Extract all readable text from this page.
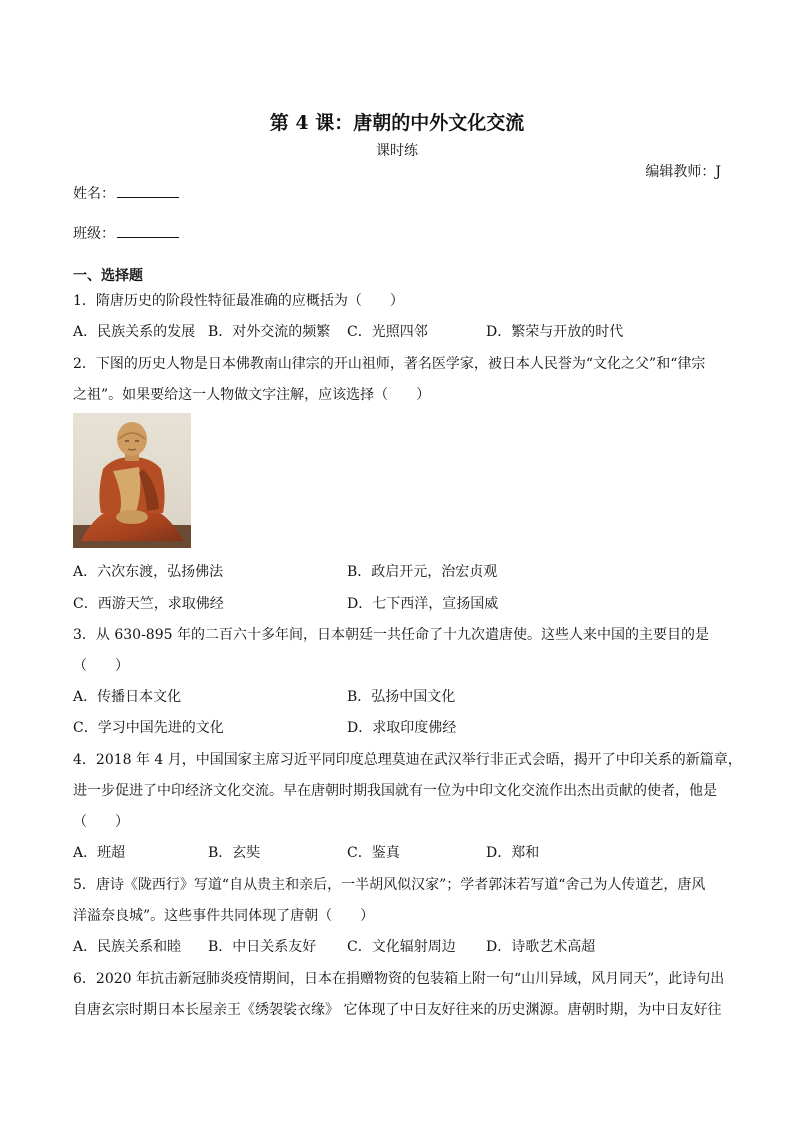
第 4 课：唐朝的中外文化交流
课时练
编辑教师：J
姓名：
班级：
一、选择题
1．隋唐历史的阶段性特征最准确的应概括为（　　）
A．民族关系的发展 B．对外交流的频繁 C．光照四邻	D．繁荣与开放的时代
2．下图的历史人物是日本佛教南山律宗的开山祖师，著名医学家，被日本人民誉为“文化之父”和“律宗
之祖”。如果要给这一人物做文字注解，应该选择（　　）
A．六次东渡，弘扬佛法	B．政启开元，治宏贞观
C．西游天竺，求取佛经	D．七下西洋，宣扬国威
3．从 630-895 年的二百六十多年间，日本朝廷一共任命了十九次遣唐使。这些人来中国的主要目的是
（　　）
A．传播日本文化	B．弘扬中国文化
C．学习中国先进的文化	D．求取印度佛经
4．2018 年 4 月，中国国家主席习近平同印度总理莫迪在武汉举行非正式会晤，揭开了中印关系的新篇章，
进一步促进了中印经济文化交流。早在唐朝时期我国就有一位为中印文化交流作出杰出贡献的使者，他是
（　　）
A．班超	B．玄奘	C．鉴真	D．郑和
5．唐诗《陇西行》写道“自从贵主和亲后，一半胡风似汉家”；学者郭沫若写道“舍己为人传道艺，唐风
洋溢奈良城”。这些事件共同体现了唐朝（　　）
A．民族关系和睦 B．中日关系友好 C．文化辐射周边 D．诗歌艺术高超
6．2020 年抗击新冠肺炎疫情期间，日本在捐赠物资的包装箱上附一句“山川异域，风月同天”，此诗句出
自唐玄宗时期日本长屋亲王《绣袈裟衣缘》 它体现了中日友好往来的历史渊源。唐朝时期，为中日友好往
